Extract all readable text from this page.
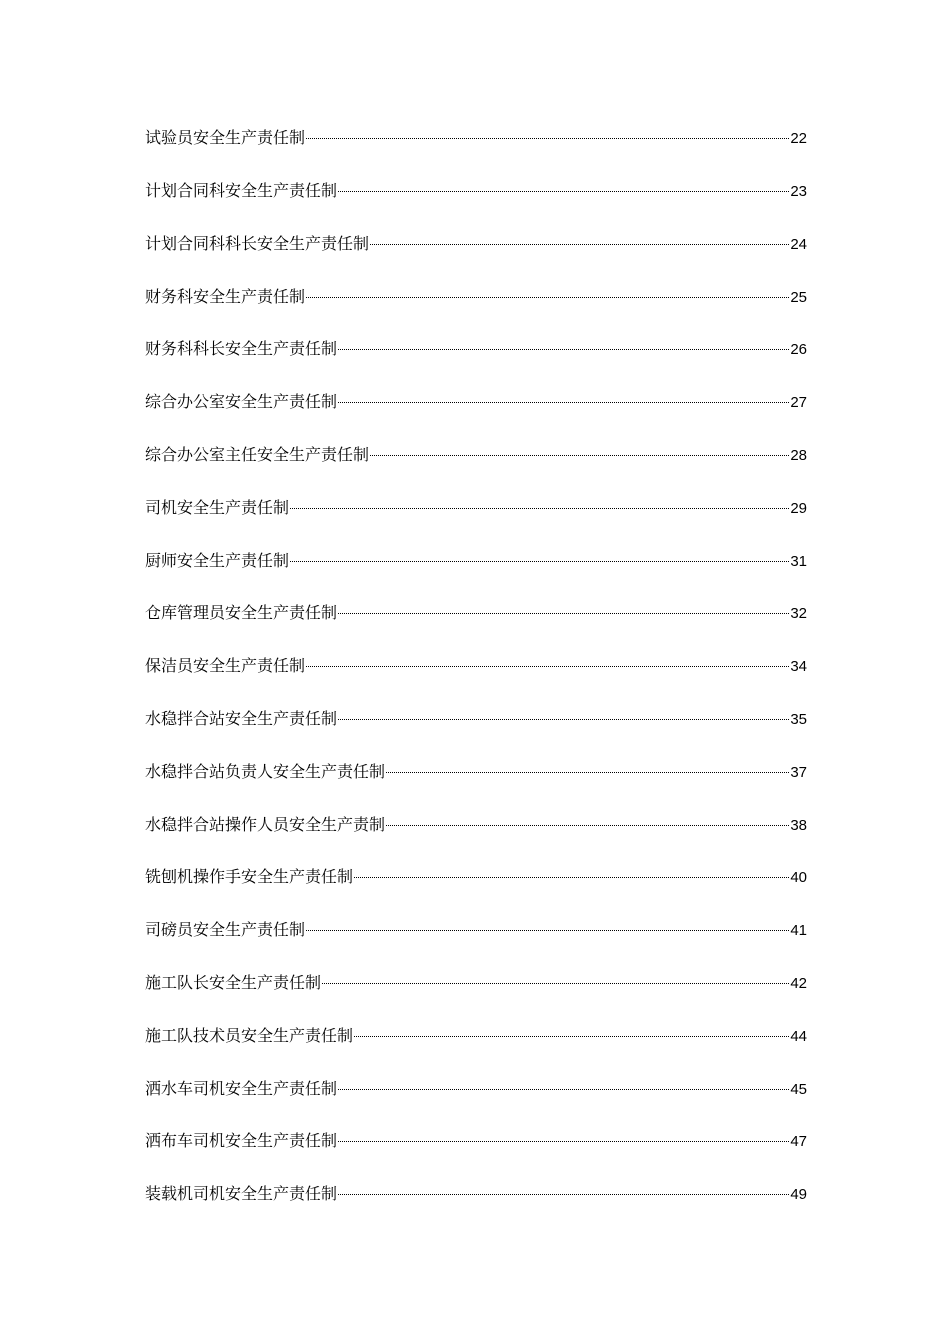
试验员安全生产责任制	22
计划合同科安全生产责任制	23
计划合同科科长安全生产责任制	24
财务科安全生产责任制	25
财务科科长安全生产责任制	26
综合办公室安全生产责任制	27
综合办公室主任安全生产责任制	28
司机安全生产责任制	29
厨师安全生产责任制	31
仓库管理员安全生产责任制	32
保洁员安全生产责任制	34
水稳拌合站安全生产责任制	35
水稳拌合站负责人安全生产责任制	37
水稳拌合站操作人员安全生产责制	38
铣刨机操作手安全生产责任制	40
司磅员安全生产责任制	41
施工队长安全生产责任制	42
施工队技术员安全生产责任制	44
洒水车司机安全生产责任制	45
洒布车司机安全生产责任制	47
装载机司机安全生产责任制	49
